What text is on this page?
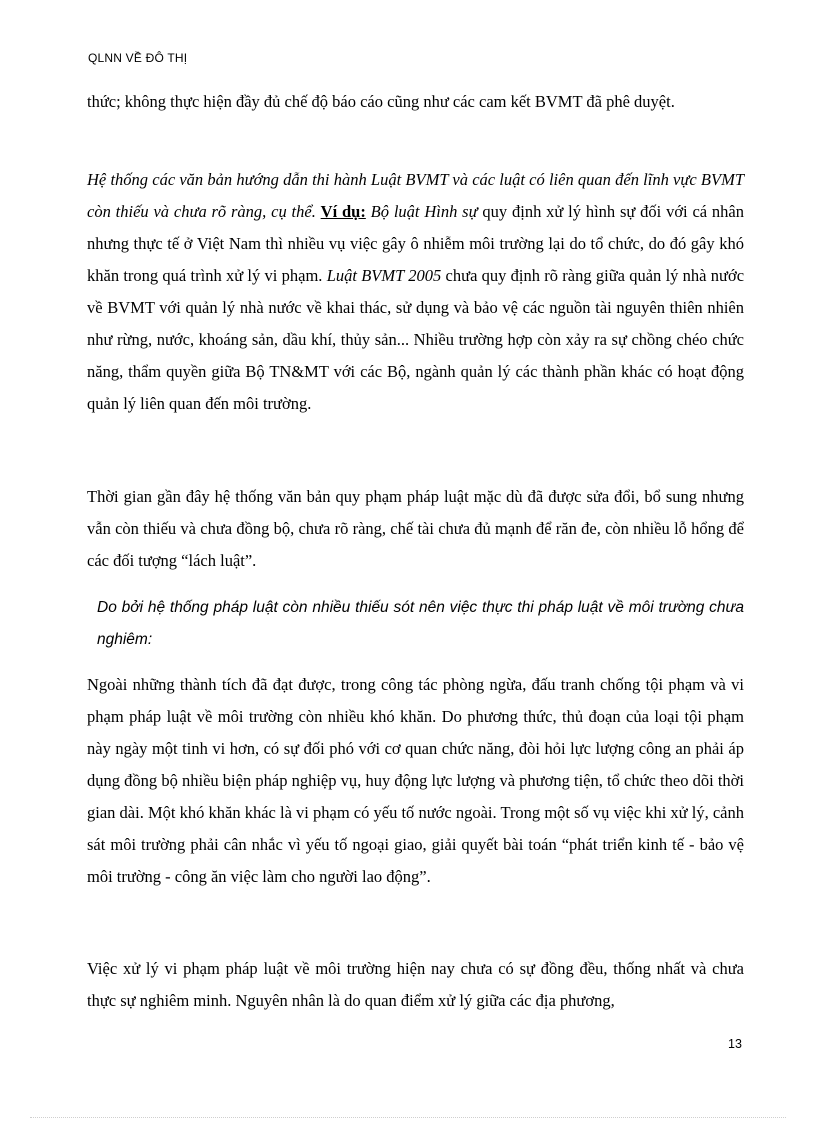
QLNN VỀ ĐÔ THỊ

thức; không thực hiện đầy đủ chế độ báo cáo cũng như các cam kết BVMT đã phê duyệt.

Hệ thống các văn bản hướng dẫn thi hành Luật BVMT và các luật có liên quan đến lĩnh vực BVMT còn thiếu và chưa rõ ràng, cụ thể. Ví dụ: Bộ luật Hình sự quy định xử lý hình sự đối với cá nhân nhưng thực tế ở Việt Nam thì nhiều vụ việc gây ô nhiễm môi trường lại do tổ chức, do đó gây khó khăn trong quá trình xử lý vi phạm. Luật BVMT 2005 chưa quy định rõ ràng giữa quản lý nhà nước về BVMT với quản lý nhà nước về khai thác, sử dụng và bảo vệ các nguồn tài nguyên thiên nhiên như rừng, nước, khoáng sản, dầu khí, thủy sản... Nhiều trường hợp còn xảy ra sự chồng chéo chức năng, thẩm quyền giữa Bộ TN&MT với các Bộ, ngành quản lý các thành phần khác có hoạt động quản lý liên quan đến môi trường.

Thời gian gần đây hệ thống văn bản quy phạm pháp luật mặc dù đã được sửa đổi, bổ sung nhưng vẫn còn thiếu và chưa đồng bộ, chưa rõ ràng, chế tài chưa đủ mạnh để răn đe, còn nhiều lỗ hổng để các đối tượng “lách luật”.

Do bởi hệ thống pháp luật còn nhiều thiếu sót nên việc thực thi pháp luật về môi trường chưa nghiêm:

Ngoài những thành tích đã đạt được, trong công tác phòng ngừa, đấu tranh chống tội phạm và vi phạm pháp luật về môi trường còn nhiều khó khăn. Do phương thức, thủ đoạn của loại tội phạm này ngày một tinh vi hơn, có sự đối phó với cơ quan chức năng, đòi hỏi lực lượng công an phải áp dụng đồng bộ nhiều biện pháp nghiệp vụ, huy động lực lượng và phương tiện, tổ chức theo dõi thời gian dài. Một khó khăn khác là vi phạm có yếu tố nước ngoài. Trong một số vụ việc khi xử lý, cảnh sát môi trường phải cân nhắc vì yếu tố ngoại giao, giải quyết bài toán “phát triển kinh tế - bảo vệ môi trường - công ăn việc làm cho người lao động”.

Việc xử lý vi phạm pháp luật về môi trường hiện nay chưa có sự đồng đều, thống nhất và chưa thực sự nghiêm minh. Nguyên nhân là do quan điểm xử lý giữa các địa phương,

13
